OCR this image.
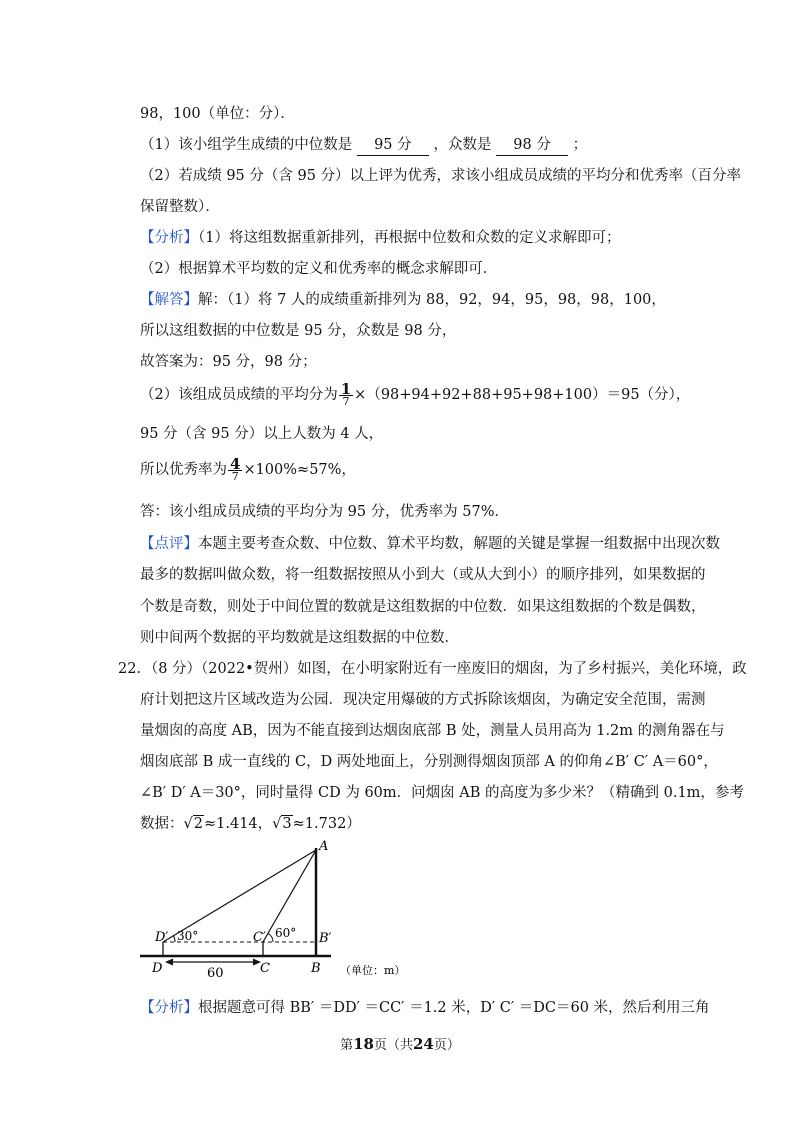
98，100（单位：分）．
（1）该小组学生成绩的中位数是 95 分 ，众数是 98 分 ；
（2）若成绩 95 分（含 95 分）以上评为优秀，求该小组成员成绩的平均分和优秀率（百分率
保留整数）．
【分析】（1）将这组数据重新排列，再根据中位数和众数的定义求解即可；
（2）根据算术平均数的定义和优秀率的概念求解即可．
【解答】解：（1）将 7 人的成绩重新排列为 88，92，94，95，98，98，100，
所以这组数据的中位数是 95 分，众数是 98 分，
故答案为：95 分，98 分；
（2）该组成员成绩的平均分为 $\frac{1}{7} \times(98+94+92+88+95+98+100)=95$（分），
95 分（含 95 分）以上人数为 4 人，
所以优秀率为 $\frac{4}{7} \times 100\%\approx 57\%$，
答：该小组成员成绩的平均分为 95 分，优秀率为 57%．
【点评】本题主要考查众数、中位数、算术平均数，解题的关键是掌握一组数据中出现次数
最多的数据叫做众数，将一组数据按照从小到大（或从大到小）的顺序排列，如果数据的
个数是奇数，则处于中间位置的数就是这组数据的中位数．如果这组数据的个数是偶数，
则中间两个数据的平均数就是这组数据的中位数．
22．（8 分）（2022•贺州）如图，在小明家附近有一座废旧的烟囱，为了乡村振兴，美化环境，政
府计划把这片区域改造为公园．现决定用爆破的方式拆除该烟囱，为确定安全范围，需测
量烟囱的高度 AB，因为不能直接到达烟囱底部 B 处，测量人员用高为 1.2m 的测角器在与
烟囱底部 B 成一直线的 C，D 两处地面上，分别测得烟囱顶部 A 的仰角∠B′ C′ A＝60°，
∠B′ D′ A＝30°，同时量得 CD 为 60m．问烟囱 AB 的高度为多少米？（精确到 0.1m，参考
数据：√2≈1.414，√3≈1.732）
A
B′
B
C′
C
D′
D
30°	60°
60	（单位：m）
【分析】根据题意可得 BB′ ＝DD′ ＝CC′ ＝1.2 米，D′ C′ ＝DC＝60 米，然后利用三角
第18页（共24页）
